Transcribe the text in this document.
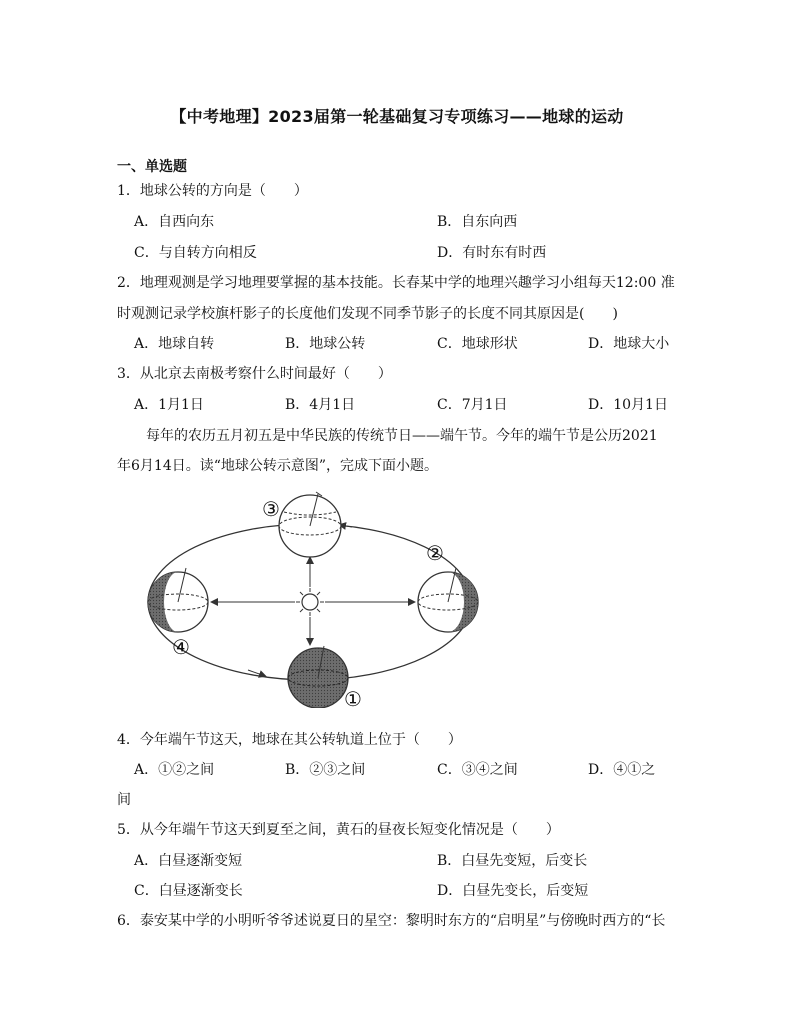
【中考地理】2023届第一轮基础复习专项练习——地球的运动
一、单选题
1．地球公转的方向是（　　）
A．自西向东	B．自东向西
C．与自转方向相反	D．有时东有时西
2．地理观测是学习地理要掌握的基本技能。长春某中学的地理兴趣学习小组每天12:00 准
时观测记录学校旗杆影子的长度他们发现不同季节影子的长度不同其原因是(　　)
A．地球自转	B．地球公转	C．地球形状	D．地球大小
3．从北京去南极考察什么时间最好（　　）
A．1月1日	B．4月1日	C．7月1日	D．10月1日
每年的农历五月初五是中华民族的传统节日——端午节。今年的端午节是公历2021
年6月14日。读“地球公转示意图”，完成下面小题。
①
②
③
④
4．今年端午节这天，地球在其公转轨道上位于（　　）
A．①②之间	B．②③之间	C．③④之间	D．④①之
间
5．从今年端午节这天到夏至之间，黄石的昼夜长短变化情况是（　　）
A．白昼逐渐变短	B．白昼先变短，后变长
C．白昼逐渐变长	D．白昼先变长，后变短
6．泰安某中学的小明听爷爷述说夏日的星空：黎明时东方的“启明星”与傍晚时西方的“长
